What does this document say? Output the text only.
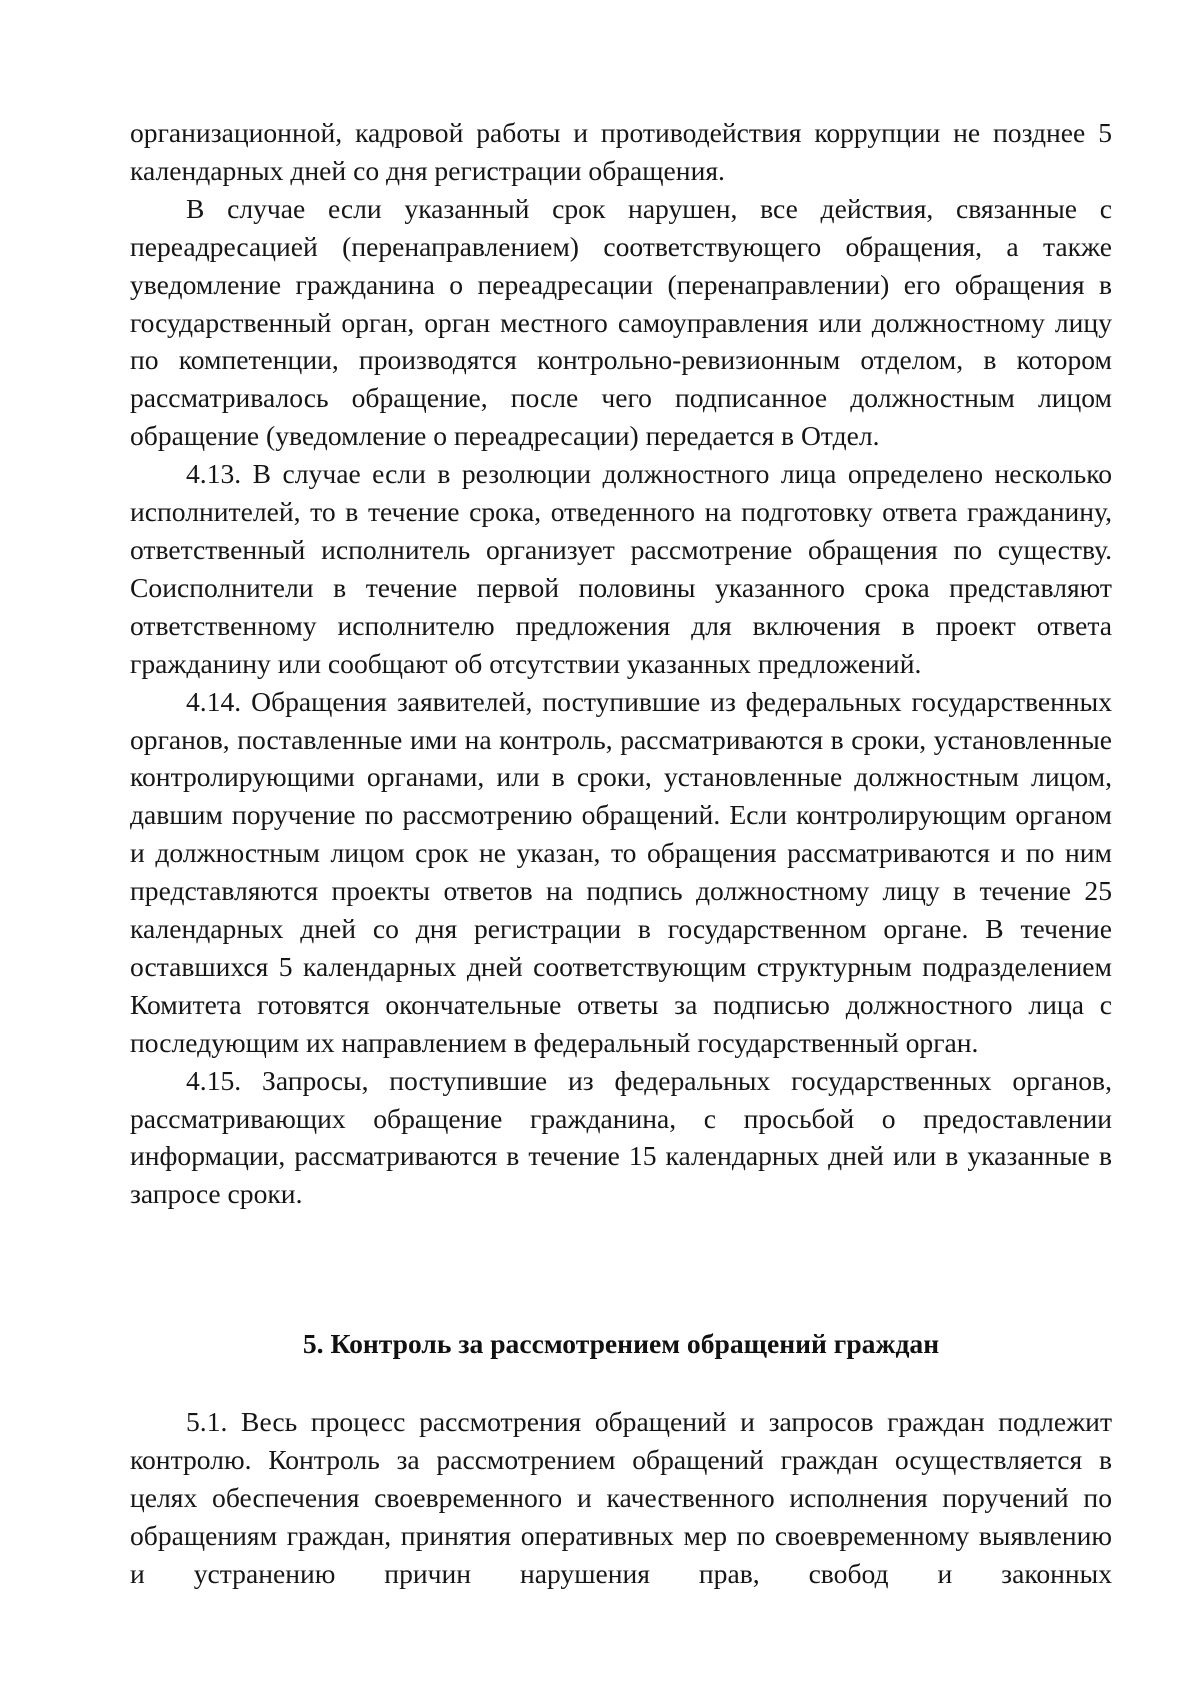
организационной, кадровой работы и противодействия коррупции не позднее 5 календарных дней со дня регистрации обращения.

В случае если указанный срок нарушен, все действия, связанные с переадресацией (перенаправлением) соответствующего обращения, а также уведомление гражданина о переадресации (перенаправлении) его обращения в государственный орган, орган местного самоуправления или должностному лицу по компетенции, производятся контрольно-ревизионным отделом, в котором рассматривалось обращение, после чего подписанное должностным лицом обращение (уведомление о переадресации) передается в Отдел.

4.13. В случае если в резолюции должностного лица определено несколько исполнителей, то в течение срока, отведенного на подготовку ответа гражданину, ответственный исполнитель организует рассмотрение обращения по существу. Соисполнители в течение первой половины указанного срока представляют ответственному исполнителю предложения для включения в проект ответа гражданину или сообщают об отсутствии указанных предложений.

4.14. Обращения заявителей, поступившие из федеральных государственных органов, поставленные ими на контроль, рассматриваются в сроки, установленные контролирующими органами, или в сроки, установленные должностным лицом, давшим поручение по рассмотрению обращений. Если контролирующим органом и должностным лицом срок не указан, то обращения рассматриваются и по ним представляются проекты ответов на подпись должностному лицу в течение 25 календарных дней со дня регистрации в государственном органе. В течение оставшихся 5 календарных дней соответствующим структурным подразделением Комитета готовятся окончательные ответы за подписью должностного лица с последующим их направлением в федеральный государственный орган.

4.15. Запросы, поступившие из федеральных государственных органов, рассматривающих обращение гражданина, с просьбой о предоставлении информации, рассматриваются в течение 15 календарных дней или в указанные в запросе сроки.

5. Контроль за рассмотрением обращений граждан

5.1. Весь процесс рассмотрения обращений и запросов граждан подлежит контролю. Контроль за рассмотрением обращений граждан осуществляется в целях обеспечения своевременного и качественного исполнения поручений по обращениям граждан, принятия оперативных мер по своевременному выявлению и устранению причин нарушения прав, свобод и законных
